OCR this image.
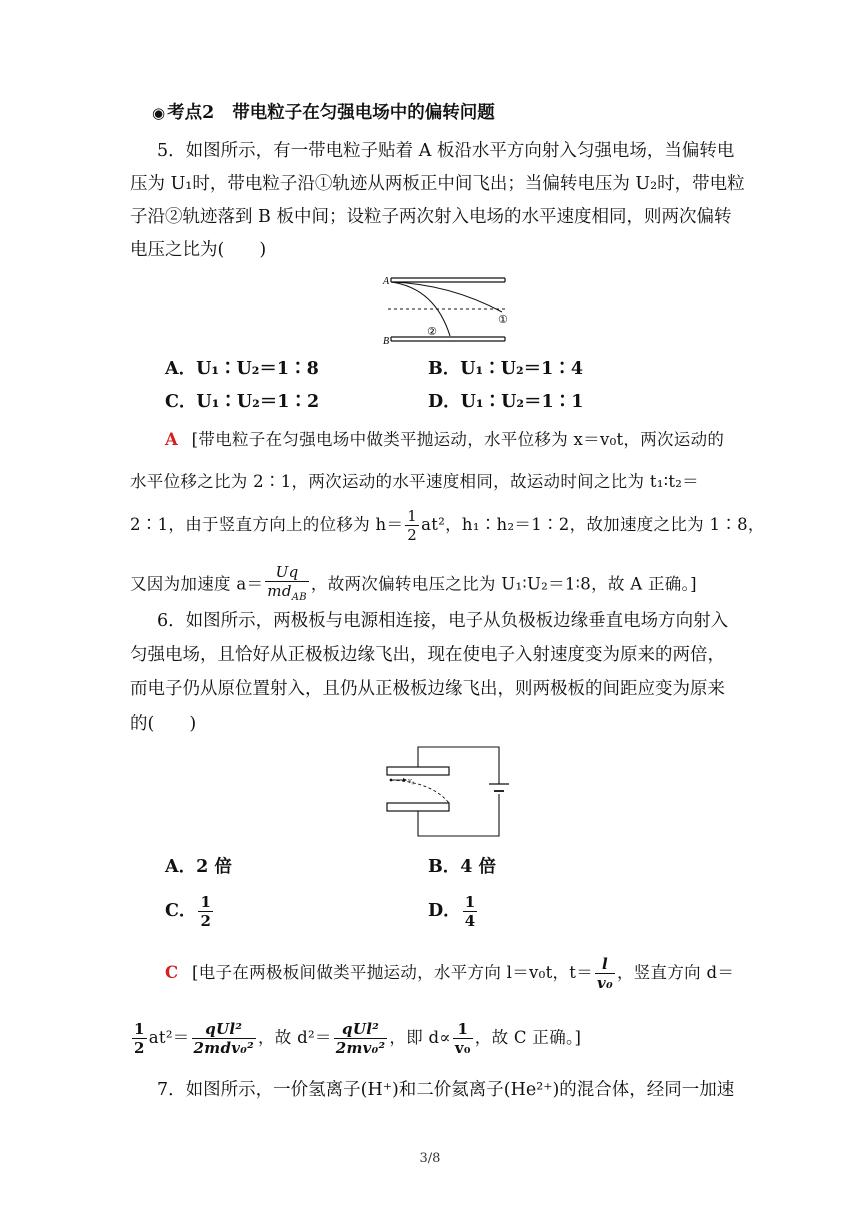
◉ 考点2 带电粒子在匀强电场中的偏转问题
5．如图所示，有一带电粒子贴着 A 板沿水平方向射入匀强电场，当偏转电
压为 U₁时，带电粒子沿①轨迹从两板正中间飞出；当偏转电压为 U₂时，带电粒
子沿②轨迹落到 B 板中间；设粒子两次射入电场的水平速度相同，则两次偏转
电压之比为(　　)
A
B
①
②
A．U₁∶U₂＝1∶8	B．U₁∶U₂＝1∶4
C．U₁∶U₂＝1∶2	D．U₁∶U₂＝1∶1
A [带电粒子在匀强电场中做类平抛运动，水平位移为 x＝v₀t，两次运动的
水平位移之比为 2∶1，两次运动的水平速度相同，故运动时间之比为 t₁∶t₂＝
2∶1，由于竖直方向上的位移为 $h= \frac{1}{2} at^2$，h₁∶h₂＝1∶2，故加速度之比为 1∶8，
又因为加速度 $a= \frac{Uq}{md_{AB}}$ ，故两次偏转电压之比为 U₁∶U₂＝1∶8，故 A 正确。]
6．如图所示，两极板与电源相连接，电子从负极板边缘垂直电场方向射入
匀强电场，且恰好从正极板边缘飞出，现在使电子入射速度变为原来的两倍，
而电子仍从原位置射入，且仍从正极板边缘飞出，则两极板的间距应变为原来
的(　　)
v₀
A．2 倍	B．4 倍
C． $\frac{1}{2}$	D． $\frac{1}{4}$
C [电子在两极板间做类平抛运动，水平方向 l＝v₀t，$t= \frac{l}{\text{v₀}}$ ，竖直方向 d＝
$\frac{1}{2} at^2= \frac{\text{qUl²}}{\text{2mdv₀²}}$ ，故 $d^2= \frac{\text{qUl²}}{\text{2mv₀²}}$ ，即 $d\propto \frac{1}{\text{v₀}}$ ，故 C 正确。]
7．如图所示，一价氢离子(H⁺)和二价氦离子(He²⁺)的混合体，经同一加速
3/8
